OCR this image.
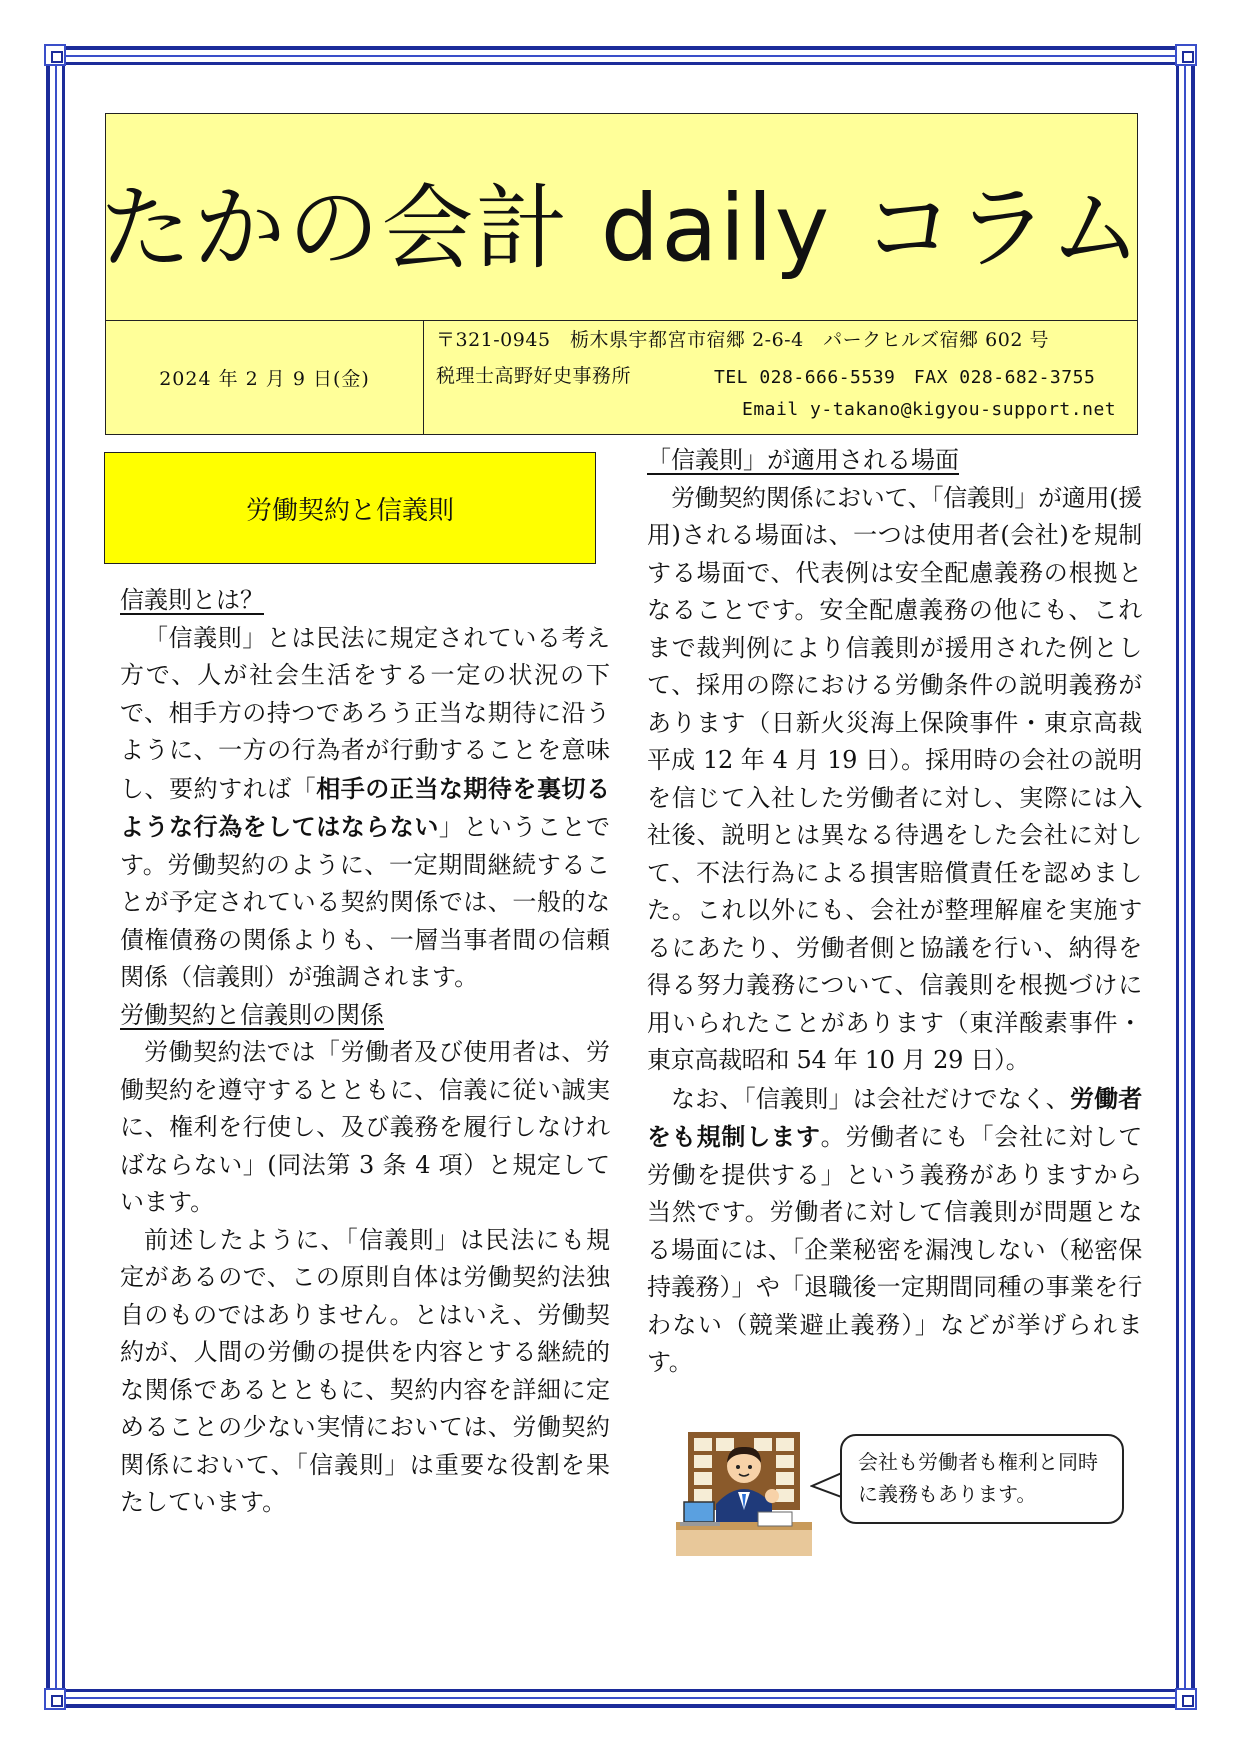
たかの会計 daily コラム
2024 年 2 月 9 日(金)
〒321-0945　栃木県宇都宮市宿郷 2-6-4　パークヒルズ宿郷 602 号
税理士高野好史事務所	TEL 028-666-5539　FAX 028-682-3755
Email y-takano@kigyou-support.net
労働契約と信義則

信義則とは？

「信義則」とは民法に規定されている考え方で、人が社会生活をする一定の状況の下で、相手方の持つであろう正当な期待に沿うように、一方の行為者が行動することを意味し、要約すれば「相手の正当な期待を裏切るような行為をしてはならない」ということです。労働契約のように、一定期間継続することが予定されている契約関係では、一般的な債権債務の関係よりも、一層当事者間の信頼関係（信義則）が強調されます。

労働契約と信義則の関係

労働契約法では「労働者及び使用者は、労働契約を遵守するとともに、信義に従い誠実に、権利を行使し、及び義務を履行しなければならない」(同法第 3 条 4 項）と規定しています。

前述したように、「信義則」は民法にも規定があるので、この原則自体は労働契約法独自のものではありません。とはいえ、労働契約が、人間の労働の提供を内容とする継続的な関係であるとともに、契約内容を詳細に定めることの少ない実情においては、労働契約関係において、「信義則」は重要な役割を果たしています。

「信義則」が適用される場面

労働契約関係において、「信義則」が適用(援用)される場面は、一つは使用者(会社)を規制する場面で、代表例は安全配慮義務の根拠となることです。安全配慮義務の他にも、これまで裁判例により信義則が援用された例として、採用の際における労働条件の説明義務があります（日新火災海上保険事件・東京高裁平成 12 年 4 月 19 日）。採用時の会社の説明を信じて入社した労働者に対し、実際には入社後、説明とは異なる待遇をした会社に対して、不法行為による損害賠償責任を認めました。これ以外にも、会社が整理解雇を実施するにあたり、労働者側と協議を行い、納得を得る努力義務について、信義則を根拠づけに用いられたことがあります（東洋酸素事件・東京高裁昭和 54 年 10 月 29 日）。

なお、「信義則」は会社だけでなく、労働者をも規制します。労働者にも「会社に対して労働を提供する」という義務がありますから当然です。労働者に対して信義則が問題となる場面には、「企業秘密を漏洩しない（秘密保持義務）」や「退職後一定期間同種の事業を行わない（競業避止義務）」などが挙げられます。

会社も労働者も権利と同時に義務もあります。
